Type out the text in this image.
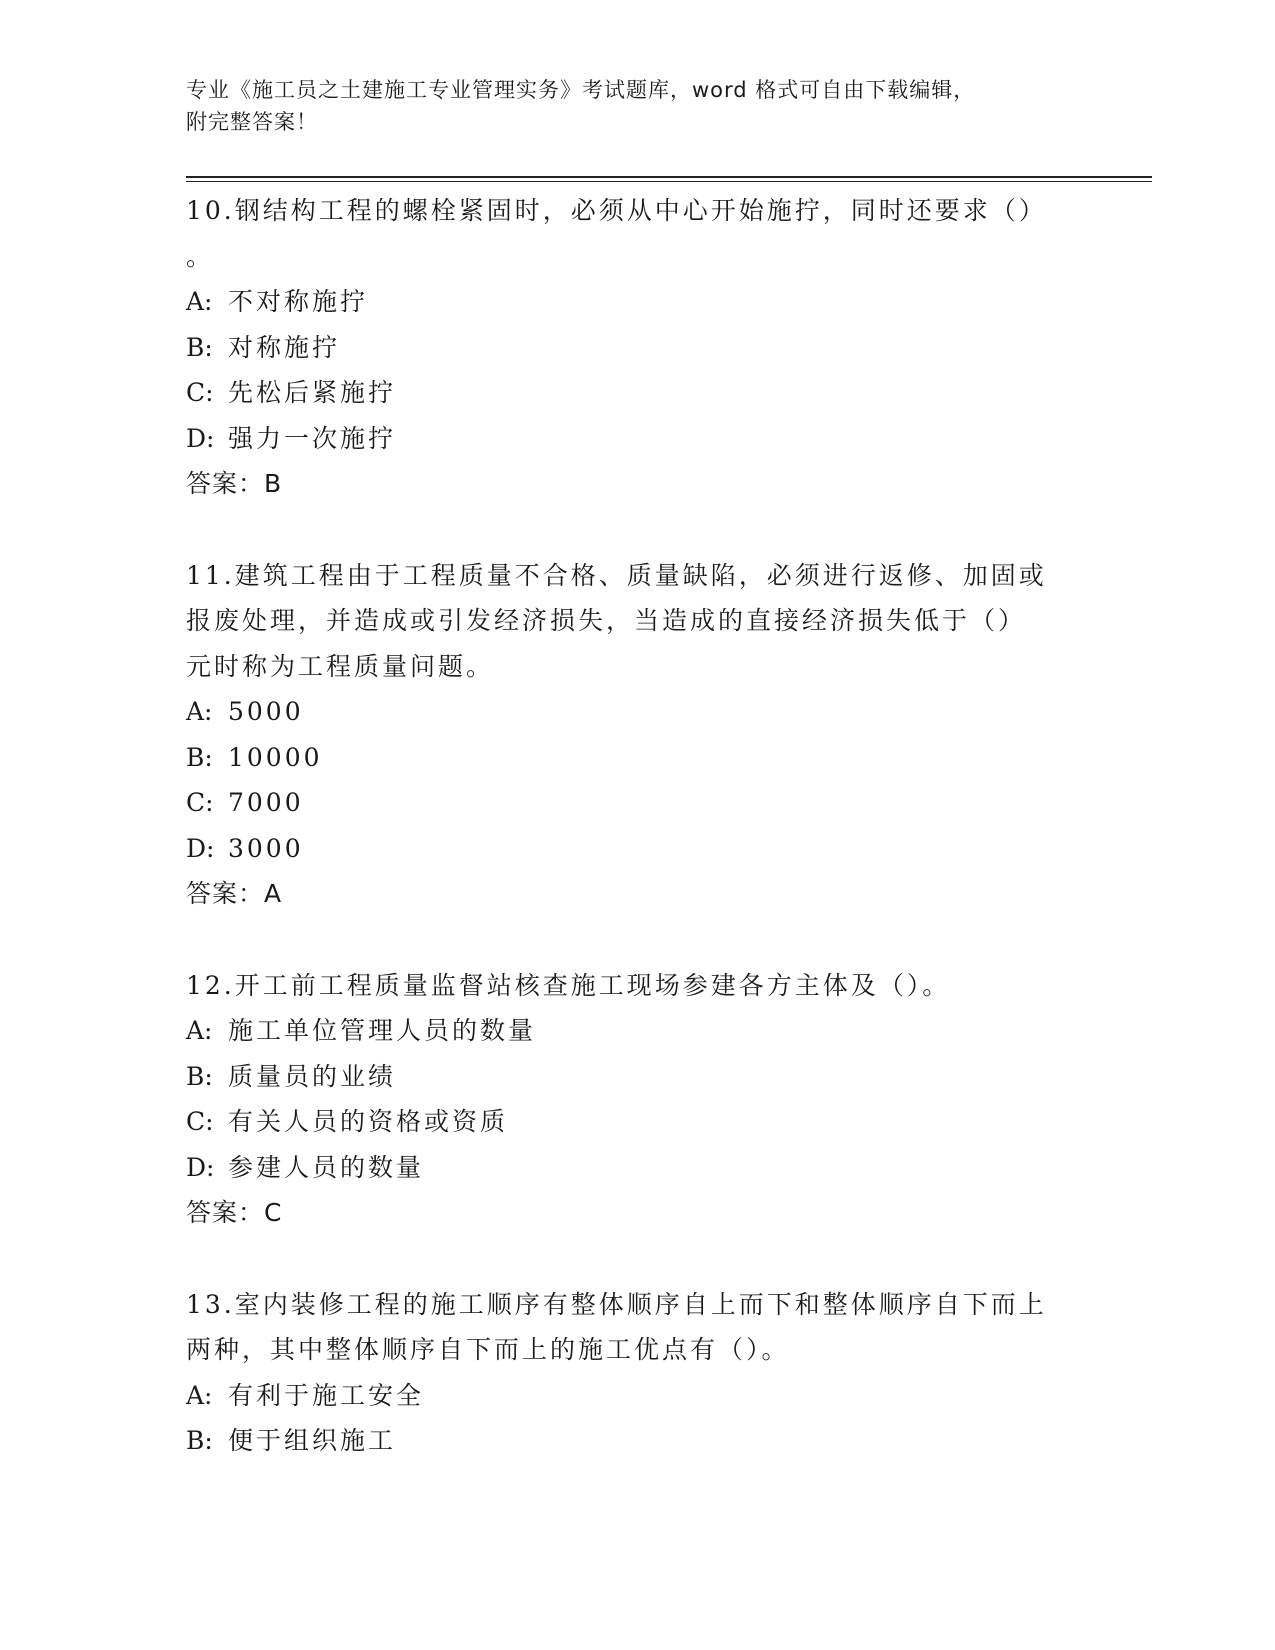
专业《施工员之土建施工专业管理实务》考试题库，word 格式可自由下载编辑，
附完整答案！
10.钢结构工程的螺栓紧固时，必须从中心开始施拧，同时还要求（）
。
A: 不对称施拧
B: 对称施拧
C: 先松后紧施拧
D: 强力一次施拧
答案：B
11.建筑工程由于工程质量不合格、质量缺陷，必须进行返修、加固或
报废处理，并造成或引发经济损失，当造成的直接经济损失低于（）
元时称为工程质量问题。
A: 5000
B: 10000
C: 7000
D: 3000
答案：A
12.开工前工程质量监督站核查施工现场参建各方主体及（）。
A: 施工单位管理人员的数量
B: 质量员的业绩
C: 有关人员的资格或资质
D: 参建人员的数量
答案：C
13.室内装修工程的施工顺序有整体顺序自上而下和整体顺序自下而上
两种，其中整体顺序自下而上的施工优点有（）。
A: 有利于施工安全
B: 便于组织施工
